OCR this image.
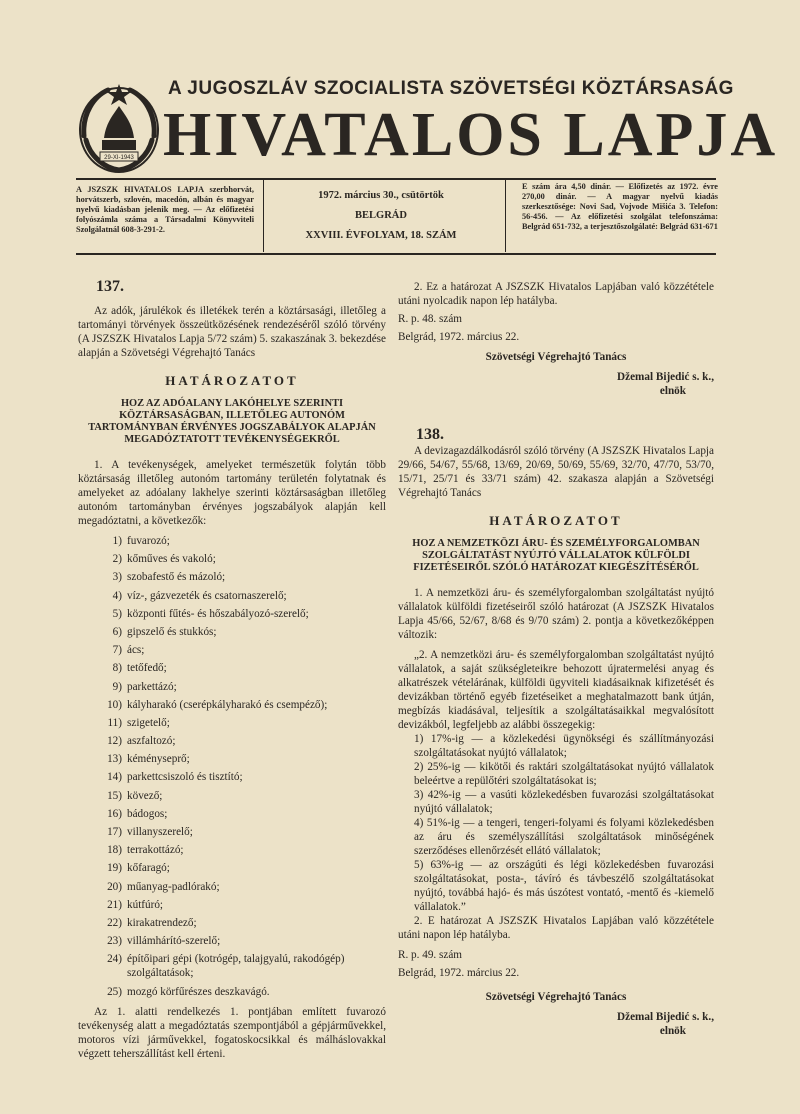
29-XI-1943
A JUGOSZLÁV SZOCIALISTA SZÖVETSÉGI KÖZTÁRSASÁG
HIVATALOS LAPJA
A JSZSZK HIVATALOS LAPJA szerbhorvát, horvátszerb, szlovén, macedón, albán és magyar nyelvű kiadásban jelenik meg. — Az előfizetési folyószámla száma a Társadalmi Könyvviteli Szolgálatnál 608-3-291-2.
1972. március 30., csütörtök
BELGRÁD
XXVIII. ÉVFOLYAM, 18. SZÁM
E szám ára 4,50 dinár. — Előfizetés az 1972. évre 270,00 dinár. — A magyar nyelvű kiadás szerkesztősége: Novi Sad, Vojvode Mišića 3. Telefon: 56-456. — Az előfizetési szolgálat telefonszáma: Belgrád 651-732, a terjesztőszolgálaté: Belgrád 631-671
137.

Az adók, járulékok és illetékek terén a köztársasági, illetőleg a tartományi törvények összeütközésének rendezéséről szóló törvény (A JSZSZK Hivatalos Lapja 5/72 szám) 5. szakaszának 3. bekezdése alapján a Szövetségi Végrehajtó Tanács

HATÁROZATOT
HOZ AZ ADÓALANY LAKÓHELYE SZERINTI KÖZTÁRSASÁGBAN, ILLETŐLEG AUTONÓM TARTOMÁNYBAN ÉRVÉNYES JOGSZABÁLYOK ALAPJÁN MEGADÓZTATOTT TEVÉKENYSÉGEKRŐL

1. A tevékenységek, amelyeket természetük folytán több köztársaság illetőleg autonóm tartomány területén folytatnak és amelyeket az adóalany lakhelye szerinti köztársaságban illetőleg autonóm tartományban érvényes jogszabályok alapján kell megadóztatni, a következők:

1) fuvarozó;
2) kőműves és vakoló;
3) szobafestő és mázoló;
4) víz-, gázvezeték és csatornaszerelő;
5) központi fűtés- és hőszabályozó-szerelő;
6) gipszelő és stukkós;
7) ács;
8) tetőfedő;
9) parkettázó;
10) kályharakó (cserépkályharakó és csempéző);
11) szigetelő;
12) aszfaltozó;
13) kéményseprő;
14) parkettcsiszoló és tisztító;
15) kövező;
16) bádogos;
17) villanyszerelő;
18) terrakottázó;
19) kőfaragó;
20) műanyag-padlórakó;
21) kútfúró;
22) kirakatrendező;
23) villámhárító-szerelő;
24) építőipari gépi (kotrógép, talajgyalú, rakodógép) szolgáltatások;
25) mozgó körfűrészes deszkavágó.

Az 1. alatti rendelkezés 1. pontjában említett fuvarozó tevékenység alatt a megadóztatás szempontjából a gépjárművekkel, motoros vízi járművekkel, fogatoskocsikkal és málháslovakkal végzett teherszállítást kell érteni.

2. Ez a határozat A JSZSZK Hivatalos Lapjában való közzététele utáni nyolcadik napon lép hatályba.

R. p. 48. szám

Belgrád, 1972. március 22.

Szövetségi Végrehajtó Tanács
Džemal Bijedić s. k.,
elnök
138.

A devizagazdálkodásról szóló törvény (A JSZSZK Hivatalos Lapja 29/66, 54/67, 55/68, 13/69, 20/69, 50/69, 55/69, 32/70, 47/70, 53/70, 15/71, 25/71 és 33/71 szám) 42. szakasza alapján a Szövetségi Végrehajtó Tanács

HATÁROZATOT
HOZ A NEMZETKÖZI ÁRU- ÉS SZEMÉLYFORGALOMBAN SZOLGÁLTATÁST NYÚJTÓ VÁLLALATOK KÜLFÖLDI FIZETÉSEIRŐL SZÓLÓ HATÁROZAT KIEGÉSZÍTÉSÉRŐL

1. A nemzetközi áru- és személyforgalomban szolgáltatást nyújtó vállalatok külföldi fizetéseiről szóló határozat (A JSZSZK Hivatalos Lapja 45/66, 52/67, 8/68 és 9/70 szám) 2. pontja a következőképpen változik:

„2. A nemzetközi áru- és személyforgalomban szolgáltatást nyújtó vállalatok, a saját szükségleteikre behozott újratermelési anyag és alkatrészek vételárának, külföldi ügyviteli kiadásaiknak kifizetését és devizákban történő egyéb fizetéseiket a meghatalmazott bank útján, megbízás kiadásával, teljesítik a szolgáltatásaikkal megvalósított devizákból, legfeljebb az alábbi összegekig:

1) 17%-ig — a közlekedési ügynökségi és szállítmányozási szolgáltatásokat nyújtó vállalatok;

2) 25%-ig — kikötői és raktári szolgáltatásokat nyújtó vállalatok beleértve a repülőtéri szolgáltatásokat is;

3) 42%-ig — a vasúti közlekedésben fuvarozási szolgáltatásokat nyújtó vállalatok;

4) 51%-ig — a tengeri, tengeri-folyami és folyami közlekedésben az áru és személyszállítási szolgáltatások minőségének szerződéses ellenőrzését ellátó vállalatok;

5) 63%-ig — az országúti és légi közlekedésben fuvarozási szolgáltatásokat, posta-, távíró és távbeszélő szolgáltatásokat nyújtó, továbbá hajó- és más úszótest vontató, -mentő és -kiemelő vállalatok.”

2. E határozat A JSZSZK Hivatalos Lapjában való közzététele utáni napon lép hatályba.

R. p. 49. szám

Belgrád, 1972. március 22.

Szövetségi Végrehajtó Tanács
Džemal Bijedić s. k.,
elnök
